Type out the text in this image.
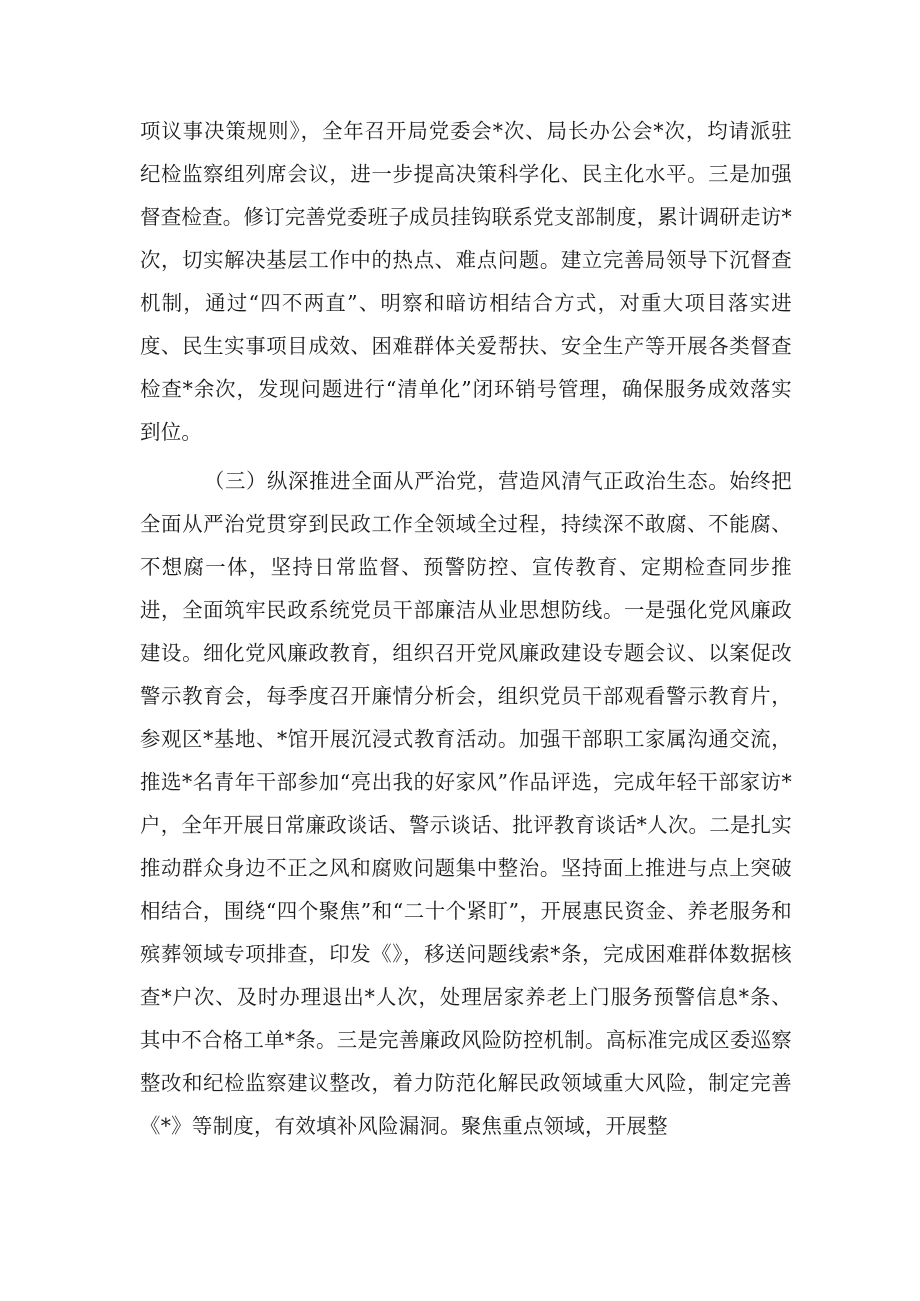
项议事决策规则》，全年召开局党委会*次、局长办公会*次，均请派驻纪检监察组列席会议，进一步提高决策科学化、民主化水平。三是加强督查检查。修订完善党委班子成员挂钩联系党支部制度，累计调研走访*次，切实解决基层工作中的热点、难点问题。建立完善局领导下沉督查机制，通过“四不两直”、明察和暗访相结合方式，对重大项目落实进度、民生实事项目成效、困难群体关爱帮扶、安全生产等开展各类督查检查*余次，发现问题进行“清单化”闭环销号管理，确保服务成效落实到位。

（三）纵深推进全面从严治党，营造风清气正政治生态。始终把全面从严治党贯穿到民政工作全领域全过程，持续深不敢腐、不能腐、不想腐一体，坚持日常监督、预警防控、宣传教育、定期检查同步推进，全面筑牢民政系统党员干部廉洁从业思想防线。一是强化党风廉政建设。细化党风廉政教育，组织召开党风廉政建设专题会议、以案促改警示教育会，每季度召开廉情分析会，组织党员干部观看警示教育片，参观区*基地、*馆开展沉浸式教育活动。加强干部职工家属沟通交流，推选*名青年干部参加“亮出我的好家风”作品评选，完成年轻干部家访*户，全年开展日常廉政谈话、警示谈话、批评教育谈话*人次。二是扎实推动群众身边不正之风和腐败问题集中整治。坚持面上推进与点上突破相结合，围绕“四个聚焦”和“二十个紧盯”，开展惠民资金、养老服务和殡葬领域专项排查，印发《》，移送问题线索*条，完成困难群体数据核查*户次、及时办理退出*人次，处理居家养老上门服务预警信息*条、其中不合格工单*条。三是完善廉政风险防控机制。高标准完成区委巡察整改和纪检监察建议整改，着力防范化解民政领域重大风险，制定完善《*》等制度，有效填补风险漏洞。聚焦重点领域，开展整
